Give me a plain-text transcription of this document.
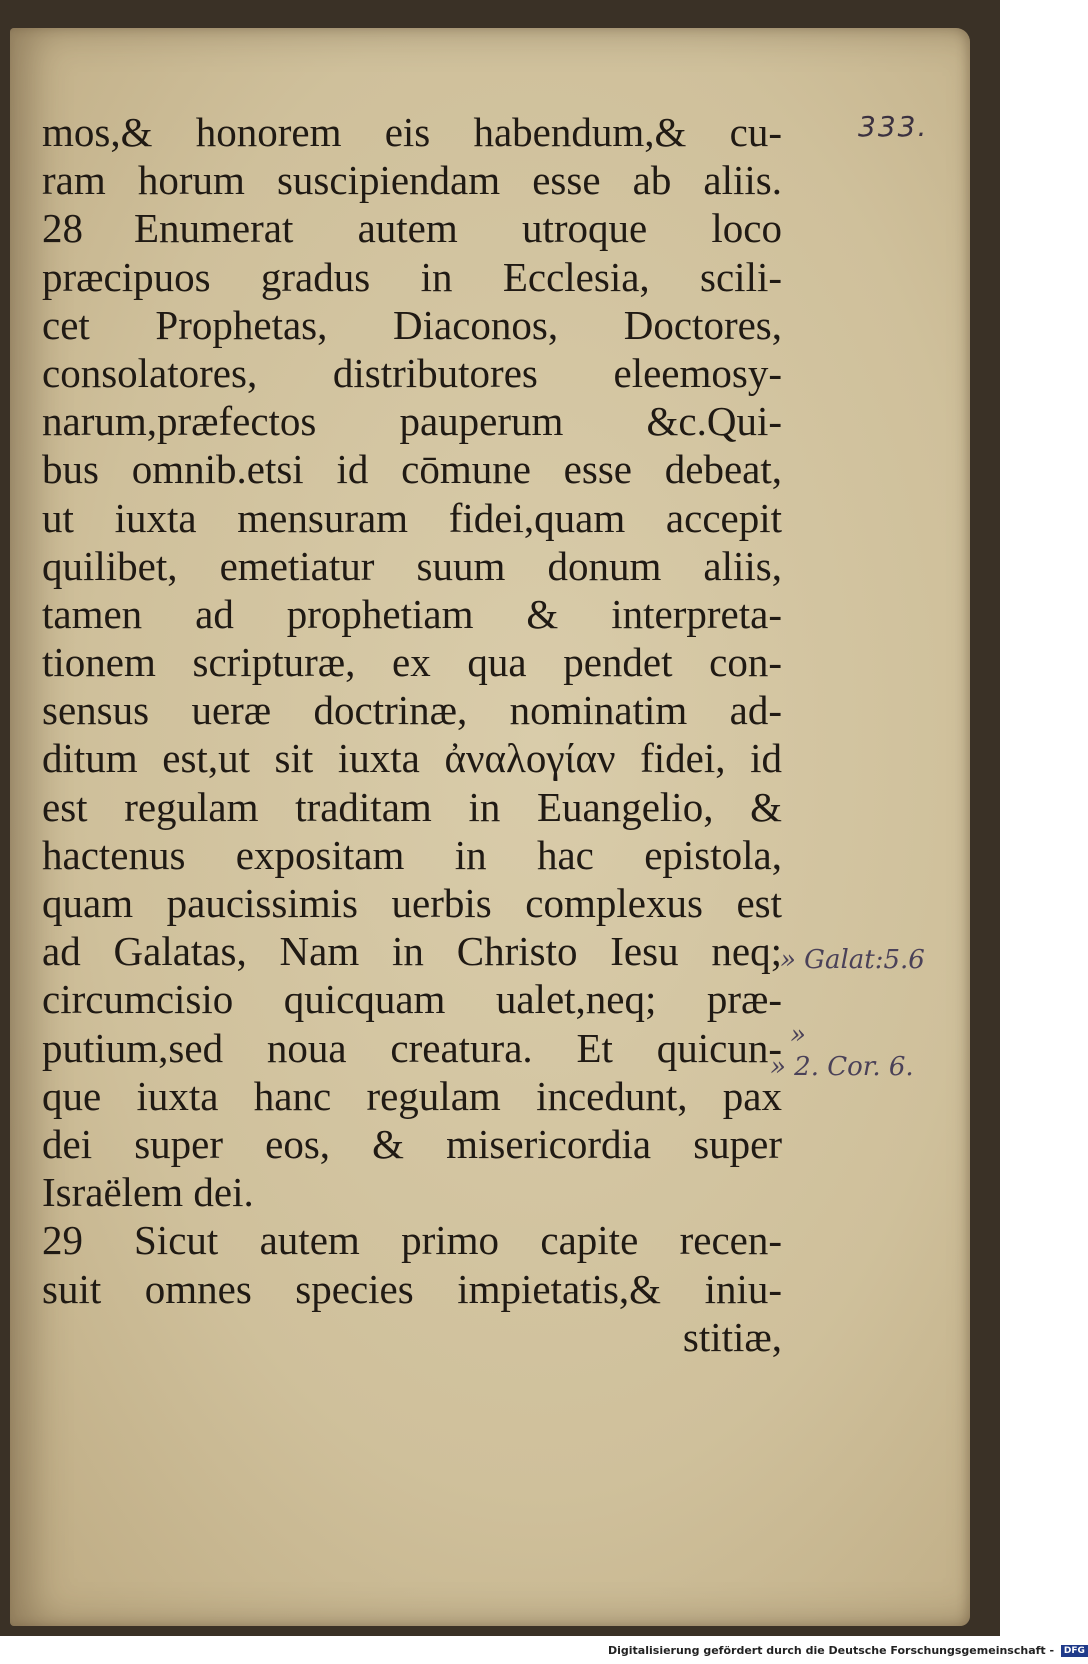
333.
mos,& honorem eis habendum,& cu-
ram horum suscipiendam esse ab aliis.
28 Enumerat autem utroque loco
præcipuos gradus in Ecclesia, scili-
cet Prophetas, Diaconos, Doctores,
consolatores, distributores eleemosy-
narum,præfectos pauperum &c.Qui-
bus omnib.etsi id cōmune esse debeat,
ut iuxta mensuram fidei,quam accepit
quilibet, emetiatur suum donum aliis,
tamen ad prophetiam & interpreta-
tionem scripturæ, ex qua pendet con-
sensus ueræ doctrinæ, nominatim ad-
ditum est,ut sit iuxta ἀναλογίαν fidei, id
est regulam traditam in Euangelio, &
hactenus expositam in hac epistola,
quam paucissimis uerbis complexus est
ad Galatas, Nam in Christo Iesu neq;
circumcisio quicquam ualet,neq; præ-
putium,sed noua creatura. Et quicun-
que iuxta hanc regulam incedunt, pax
dei super eos, & misericordia super
Israëlem dei.
29 Sicut autem primo capite recen-
suit omnes species impietatis,& iniu-
stitiæ,
» Galat:5.6
»
» 2. Cor. 6.
Digitalisierung gefördert durch die Deutsche Forschungsgemeinschaft - DFG
